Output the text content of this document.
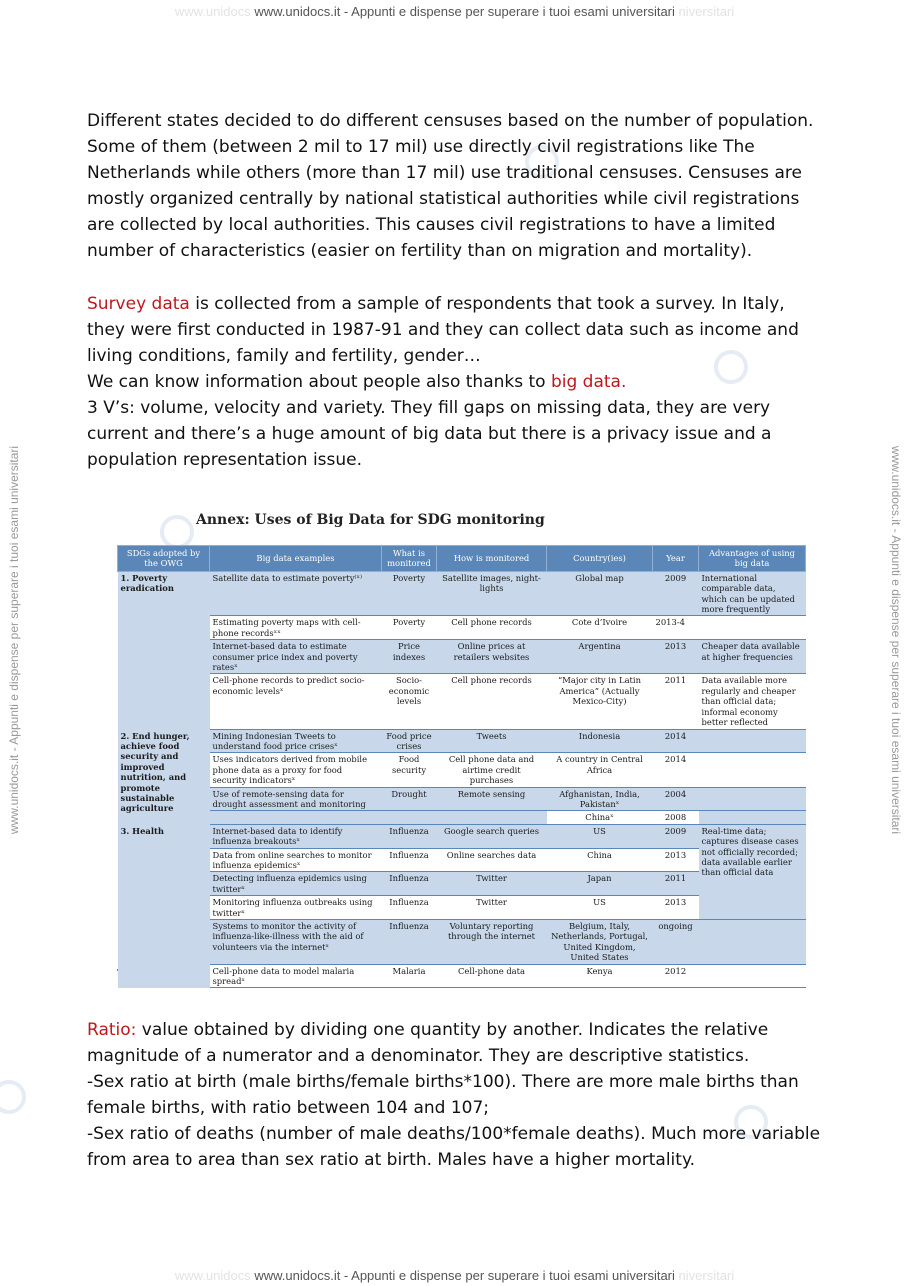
www.unidocs www.unidocs.it - Appunti e dispense per superare i tuoi esami universitari niversitari
www.unidocs.it - Appunti e dispense per superare i tuoi esami universitari	www.unidocs.it - Appunti e dispense per superare i tuoi esami universitari

Different states decided to do different censuses based on the number of population. Some of them (between 2 mil to 17 mil) use directly civil registrations like The Netherlands while others (more than 17 mil) use traditional censuses. Censuses are mostly organized centrally by national statistical authorities while civil registrations are collected by local authorities. This causes civil registrations to have a limited number of characteristics (easier on fertility than on migration and mortality).

Survey data is collected from a sample of respondents that took a survey. In Italy, they were first conducted in 1987-91 and they can collect data such as income and living conditions, family and fertility, gender…

We can know information about people also thanks to big data.

3 V’s: volume, velocity and variety. They fill gaps on missing data, they are very current and there’s a huge amount of big data but there is a privacy issue and a population representation issue.

Annex: Uses of Big Data for SDG monitoring
SDGs adopted by the OWG	Big data examples	What is monitored	How is monitored	Country(ies)	Year	Advantages of using big data
1. Poverty eradication	Satellite data to estimate poverty⁽ˣ⁾	Poverty	Satellite images, night-lights	Global map	2009	International comparable data, which can be updated more frequently
	Estimating poverty maps with cell-phone recordsˣˣ	Poverty	Cell phone records	Cote d’Ivoire	2013-4	
	Internet-based data to estimate consumer price index and poverty ratesˣ	Price indexes	Online prices at retailers websites	Argentina	2013	Cheaper data available at higher frequencies
	Cell-phone records to predict socio-economic levelsˣ	Socio-economic levels	Cell phone records	“Major city in Latin America” (Actually Mexico-City)	2011	Data available more regularly and cheaper than official data; informal economy better reflected
2. End hunger, achieve food security and improved nutrition, and promote sustainable agriculture	Mining Indonesian Tweets to understand food price crisesˣ	Food price crises	Tweets	Indonesia	2014	
	Uses indicators derived from mobile phone data as a proxy for food security indicatorsˣ	Food security	Cell phone data and airtime credit purchases	A country in Central Africa	2014	
	Use of remote-sensing data for drought assessment and monitoring	Drought	Remote sensing	Afghanistan, India, Pakistanˣ	2004	
				Chinaˣ	2008	
3. Health	Internet-based data to identify influenza breakoutsˣ	Influenza	Google search queries	US	2009	Real-time data; captures disease cases not officially recorded; data available earlier than official data
	Data from online searches to monitor influenza epidemicsˣ	Influenza	Online searches data	China	2013	
	Detecting influenza epidemics using twitterˣ	Influenza	Twitter	Japan	2011	
	Monitoring influenza outbreaks using twitterˣ	Influenza	Twitter	US	2013	
	Systems to monitor the activity of influenza-like-illness with the aid of volunteers via the internetˣ	Influenza	Voluntary reporting through the internet	Belgium, Italy, Netherlands, Portugal, United Kingdom, United States	ongoing	
	Cell-phone data to model malaria spreadˣ	Malaria	Cell-phone data	Kenya	2012	

Ratio: value obtained by dividing one quantity by another. Indicates the relative magnitude of a numerator and a denominator. They are descriptive statistics.

-Sex ratio at birth (male births/female births*100). There are more male births than female births, with ratio between 104 and 107;

-Sex ratio of deaths (number of male deaths/100*female deaths). Much more variable from area to area than sex ratio at birth. Males have a higher mortality.

www.unidocs www.unidocs.it - Appunti e dispense per superare i tuoi esami universitari niversitari
